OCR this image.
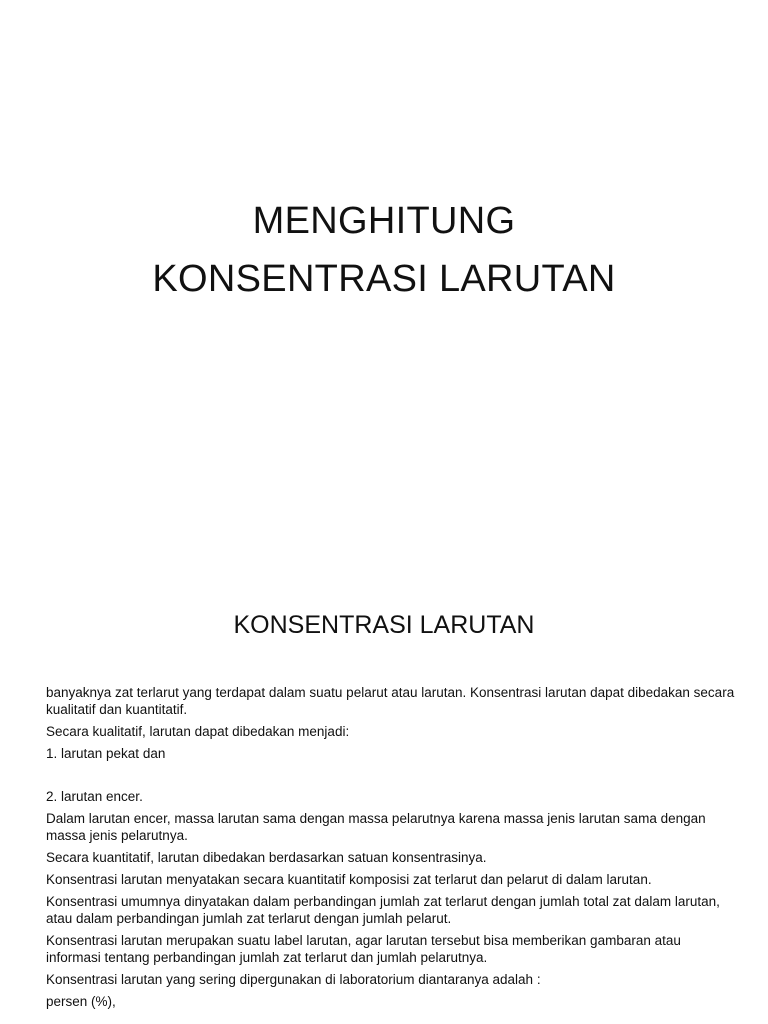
MENGHITUNG
KONSENTRASI LARUTAN
KONSENTRASI LARUTAN

banyaknya zat terlarut yang terdapat dalam suatu pelarut atau larutan. Konsentrasi larutan dapat dibedakan secara kualitatif dan kuantitatif.

Secara kualitatif, larutan dapat dibedakan menjadi:

1. larutan pekat dan

2. larutan encer.

Dalam larutan encer, massa larutan sama dengan massa pelarutnya karena massa jenis larutan sama dengan massa jenis pelarutnya.

Secara kuantitatif, larutan dibedakan berdasarkan satuan konsentrasinya.

Konsentrasi larutan menyatakan secara kuantitatif komposisi zat terlarut dan pelarut di dalam larutan.

Konsentrasi umumnya dinyatakan dalam perbandingan jumlah zat terlarut dengan jumlah total zat dalam larutan, atau dalam perbandingan jumlah zat terlarut dengan jumlah pelarut.

Konsentrasi larutan merupakan suatu label larutan, agar larutan tersebut bisa memberikan gambaran atau informasi tentang perbandingan jumlah zat terlarut dan jumlah pelarutnya.

Konsentrasi larutan yang sering dipergunakan di laboratorium diantaranya adalah :

persen (%),
